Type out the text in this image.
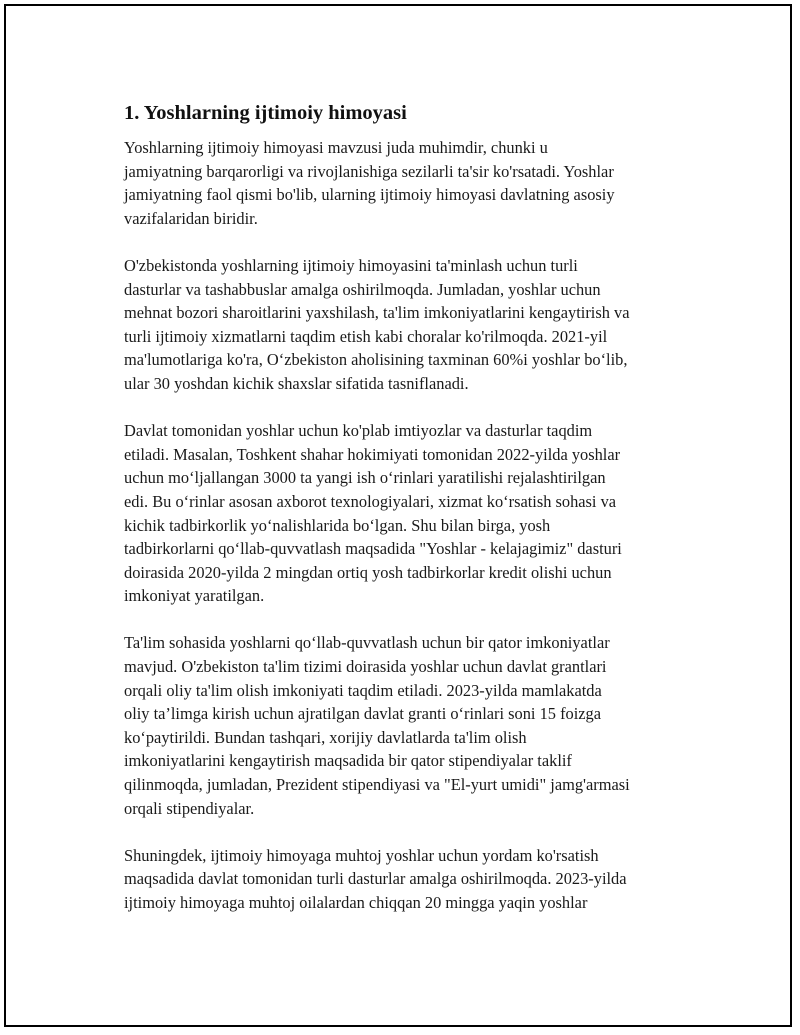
1. Yoshlarning ijtimoiy himoyasi

Yoshlarning ijtimoiy himoyasi mavzusi juda muhimdir, chunki u
jamiyatning barqarorligi va rivojlanishiga sezilarli ta'sir ko'rsatadi. Yoshlar
jamiyatning faol qismi bo'lib, ularning ijtimoiy himoyasi davlatning asosiy
vazifalaridan biridir.

O'zbekistonda yoshlarning ijtimoiy himoyasini ta'minlash uchun turli
dasturlar va tashabbuslar amalga oshirilmoqda. Jumladan, yoshlar uchun
mehnat bozori sharoitlarini yaxshilash, ta'lim imkoniyatlarini kengaytirish va
turli ijtimoiy xizmatlarni taqdim etish kabi choralar ko'rilmoqda. 2021-yil
ma'lumotlariga ko'ra, O‘zbekiston aholisining taxminan 60%i yoshlar bo‘lib,
ular 30 yoshdan kichik shaxslar sifatida tasniflanadi.

Davlat tomonidan yoshlar uchun ko'plab imtiyozlar va dasturlar taqdim
etiladi. Masalan, Toshkent shahar hokimiyati tomonidan 2022-yilda yoshlar
uchun mo‘ljallangan 3000 ta yangi ish o‘rinlari yaratilishi rejalashtirilgan
edi. Bu o‘rinlar asosan axborot texnologiyalari, xizmat ko‘rsatish sohasi va
kichik tadbirkorlik yo‘nalishlarida bo‘lgan. Shu bilan birga, yosh
tadbirkorlarni qo‘llab-quvvatlash maqsadida "Yoshlar - kelajagimiz" dasturi
doirasida 2020-yilda 2 mingdan ortiq yosh tadbirkorlar kredit olishi uchun
imkoniyat yaratilgan.

Ta'lim sohasida yoshlarni qo‘llab-quvvatlash uchun bir qator imkoniyatlar
mavjud. O'zbekiston ta'lim tizimi doirasida yoshlar uchun davlat grantlari
orqali oliy ta'lim olish imkoniyati taqdim etiladi. 2023-yilda mamlakatda
oliy ta’limga kirish uchun ajratilgan davlat granti o‘rinlari soni 15 foizga
ko‘paytirildi. Bundan tashqari, xorijiy davlatlarda ta'lim olish
imkoniyatlarini kengaytirish maqsadida bir qator stipendiyalar taklif
qilinmoqda, jumladan, Prezident stipendiyasi va "El-yurt umidi" jamg'armasi
orqali stipendiyalar.

Shuningdek, ijtimoiy himoyaga muhtoj yoshlar uchun yordam ko'rsatish
maqsadida davlat tomonidan turli dasturlar amalga oshirilmoqda. 2023-yilda
ijtimoiy himoyaga muhtoj oilalardan chiqqan 20 mingga yaqin yoshlar
